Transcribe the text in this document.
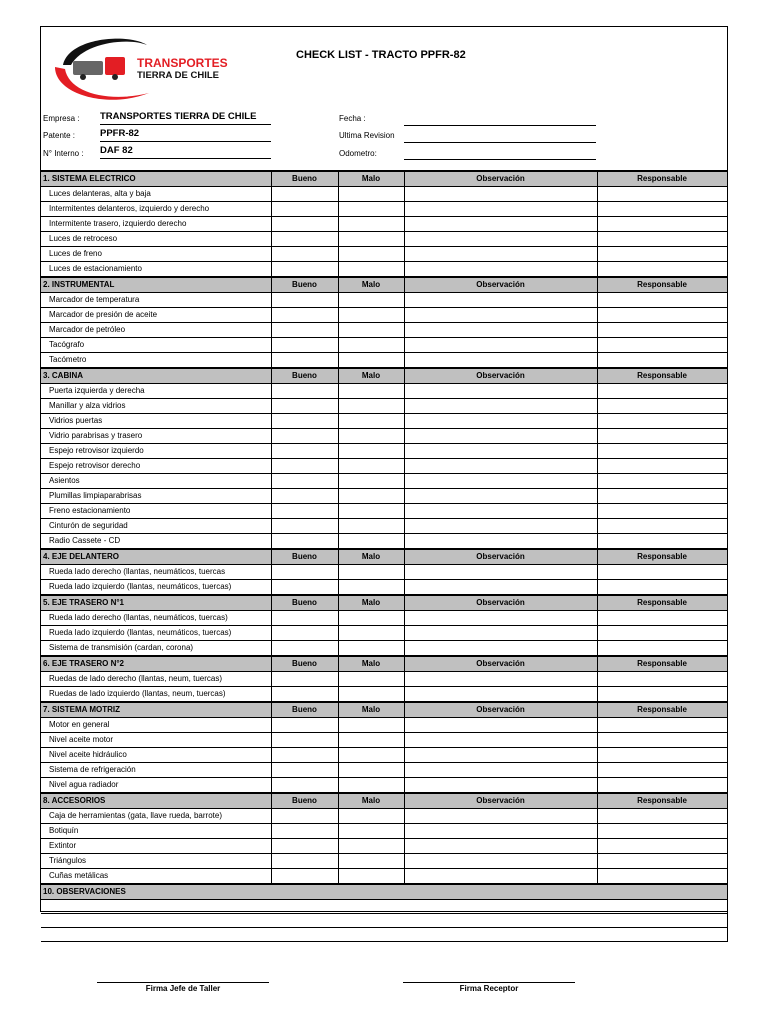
TRANSPORTES
TIERRA DE CHILE
CHECK LIST - TRACTO PPFR-82
Empresa : TRANSPORTES TIERRA DE CHILE
Patente :	PPFR-82
N° Interno : DAF 82
Fecha :
Ultima Revision
Odometro:
1. SISTEMA ELECTRICO	Bueno	Malo	Observación	Responsable
Luces delanteras, alta y baja				
Intermitentes delanteros, izquierdo y derecho				
Intermitente trasero, izquierdo derecho				
Luces de retroceso				
Luces de freno				
Luces de estacionamiento				
2. INSTRUMENTAL	Bueno	Malo	Observación	Responsable
Marcador de temperatura				
Marcador de presión de aceite				
Marcador de petróleo				
Tacógrafo				
Tacómetro				
3. CABINA	Bueno	Malo	Observación	Responsable
Puerta izquierda y derecha				
Manillar y alza vidrios				
Vidrios puertas				
Vidrio parabrisas y trasero				
Espejo retrovisor izquierdo				
Espejo retrovisor derecho				
Asientos				
Plumillas limpiaparabrisas				
Freno estacionamiento				
Cinturón de seguridad				
Radio Cassete - CD				
4. EJE DELANTERO	Bueno	Malo	Observación	Responsable
Rueda lado derecho (llantas, neumáticos, tuercas				
Rueda lado izquierdo (llantas, neumáticos, tuercas)				
5. EJE TRASERO N°1	Bueno	Malo	Observación	Responsable
Rueda lado derecho (llantas, neumáticos, tuercas)				
Rueda lado izquierdo (llantas, neumáticos, tuercas)				
Sistema de transmisión (cardan, corona)				
6. EJE TRASERO N°2	Bueno	Malo	Observación	Responsable
Ruedas de lado derecho (llantas, neum, tuercas)				
Ruedas de lado izquierdo (llantas, neum, tuercas)				
7. SISTEMA MOTRIZ	Bueno	Malo	Observación	Responsable
Motor en general				
Nivel aceite motor				
Nivel aceite hidráulico				
Sistema de refrigeración				
Nivel agua radiador				
8. ACCESORIOS	Bueno	Malo	Observación	Responsable
Caja de herramientas (gata, llave rueda, barrote)				
Botiquín				
Extintor				
Triángulos				
Cuñas metálicas				
10. OBSERVACIONES				

Firma Jefe de Taller	Firma Receptor
